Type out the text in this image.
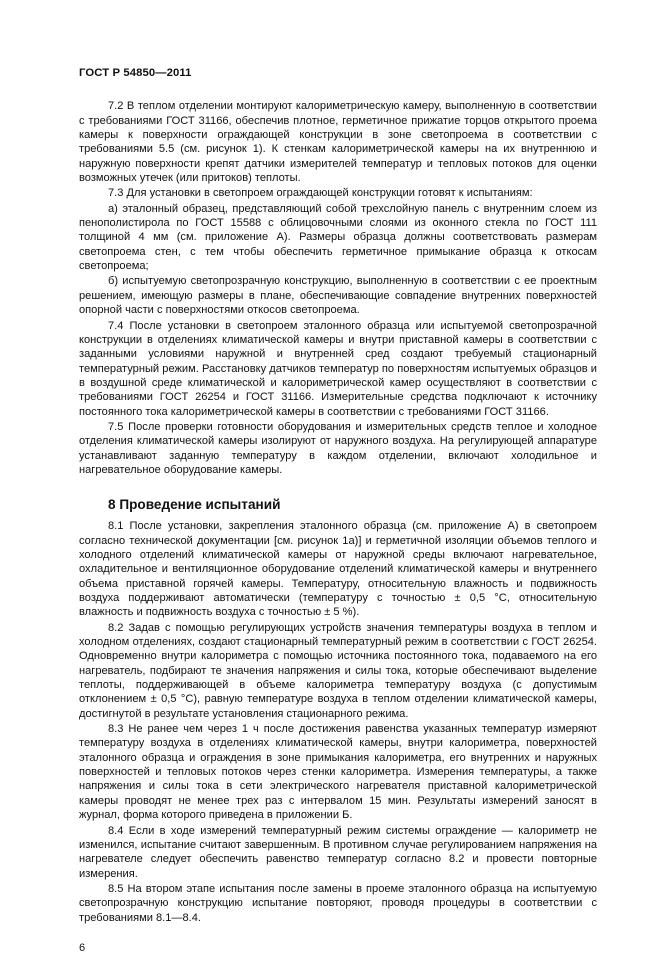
ГОСТ Р 54850—2011

7.2 В теплом отделении монтируют калориметрическую камеру, выполненную в соответствии с требованиями ГОСТ 31166, обеспечив плотное, герметичное прижатие торцов открытого проема камеры к поверхности ограждающей конструкции в зоне светопроема в соответствии с требованиями 5.5 (см. рисунок 1). К стенкам калориметрической камеры на их внутреннюю и наружную поверхности крепят датчики измерителей температур и тепловых потоков для оценки возможных утечек (или притоков) теплоты.

7.3 Для установки в светопроем ограждающей конструкции готовят к испытаниям:

а) эталонный образец, представляющий собой трехслойную панель с внутренним слоем из пенополистирола по ГОСТ 15588 с облицовочными слоями из оконного стекла по ГОСТ 111 толщиной 4 мм (см. приложение А). Размеры образца должны соответствовать размерам светопроема стен, с тем чтобы обеспечить герметичное примыкание образца к откосам светопроема;

б) испытуемую светопрозрачную конструкцию, выполненную в соответствии с ее проектным решением, имеющую размеры в плане, обеспечивающие совпадение внутренних поверхностей опорной части с поверхностями откосов светопроема.

7.4 После установки в светопроем эталонного образца или испытуемой светопрозрачной конструкции в отделениях климатической камеры и внутри приставной камеры в соответствии с заданными условиями наружной и внутренней сред создают требуемый стационарный температурный режим. Расстановку датчиков температур по поверхностям испытуемых образцов и в воздушной среде климатической и калориметрической камер осуществляют в соответствии с требованиями ГОСТ 26254 и ГОСТ 31166. Измерительные средства подключают к источнику постоянного тока калориметрической камеры в соответствии с требованиями ГОСТ 31166.

7.5 После проверки готовности оборудования и измерительных средств теплое и холодное отделения климатической камеры изолируют от наружного воздуха. На регулирующей аппаратуре устанавливают заданную температуру в каждом отделении, включают холодильное и нагревательное оборудование камеры.

8 Проведение испытаний

8.1 После установки, закрепления эталонного образца (см. приложение А) в светопроем согласно технической документации [см. рисунок 1а)] и герметичной изоляции объемов теплого и холодного отделений климатической камеры от наружной среды включают нагревательное, охладительное и вентиляционное оборудование отделений климатической камеры и внутреннего объема приставной горячей камеры. Температуру, относительную влажность и подвижность воздуха поддерживают автоматически (температуру с точностью ± 0,5 °С, относительную влажность и подвижность воздуха с точностью ± 5 %).

8.2 Задав с помощью регулирующих устройств значения температуры воздуха в теплом и холодном отделениях, создают стационарный температурный режим в соответствии с ГОСТ 26254. Одновременно внутри калориметра с помощью источника постоянного тока, подаваемого на его нагреватель, подбирают те значения напряжения и силы тока, которые обеспечивают выделение теплоты, поддерживающей в объеме калориметра температуру воздуха (с допустимым отклонением ± 0,5 °С), равную температуре воздуха в теплом отделении климатической камеры, достигнутой в результате установления стационарного режима.

8.3 Не ранее чем через 1 ч после достижения равенства указанных температур измеряют температуру воздуха в отделениях климатической камеры, внутри калориметра, поверхностей эталонного образца и ограждения в зоне примыкания калориметра, его внутренних и наружных поверхностей и тепловых потоков через стенки калориметра. Измерения температуры, а также напряжения и силы тока в сети электрического нагревателя приставной калориметрической камеры проводят не менее трех раз с интервалом 15 мин. Результаты измерений заносят в журнал, форма которого приведена в приложении Б.

8.4 Если в ходе измерений температурный режим системы ограждение — калориметр не изменился, испытание считают завершенным. В противном случае регулированием напряжения на нагревателе следует обеспечить равенство температур согласно 8.2 и провести повторные измерения.

8.5 На втором этапе испытания после замены в проеме эталонного образца на испытуемую светопрозрачную конструкцию испытание повторяют, проводя процедуры в соответствии с требованиями 8.1—8.4.

6
